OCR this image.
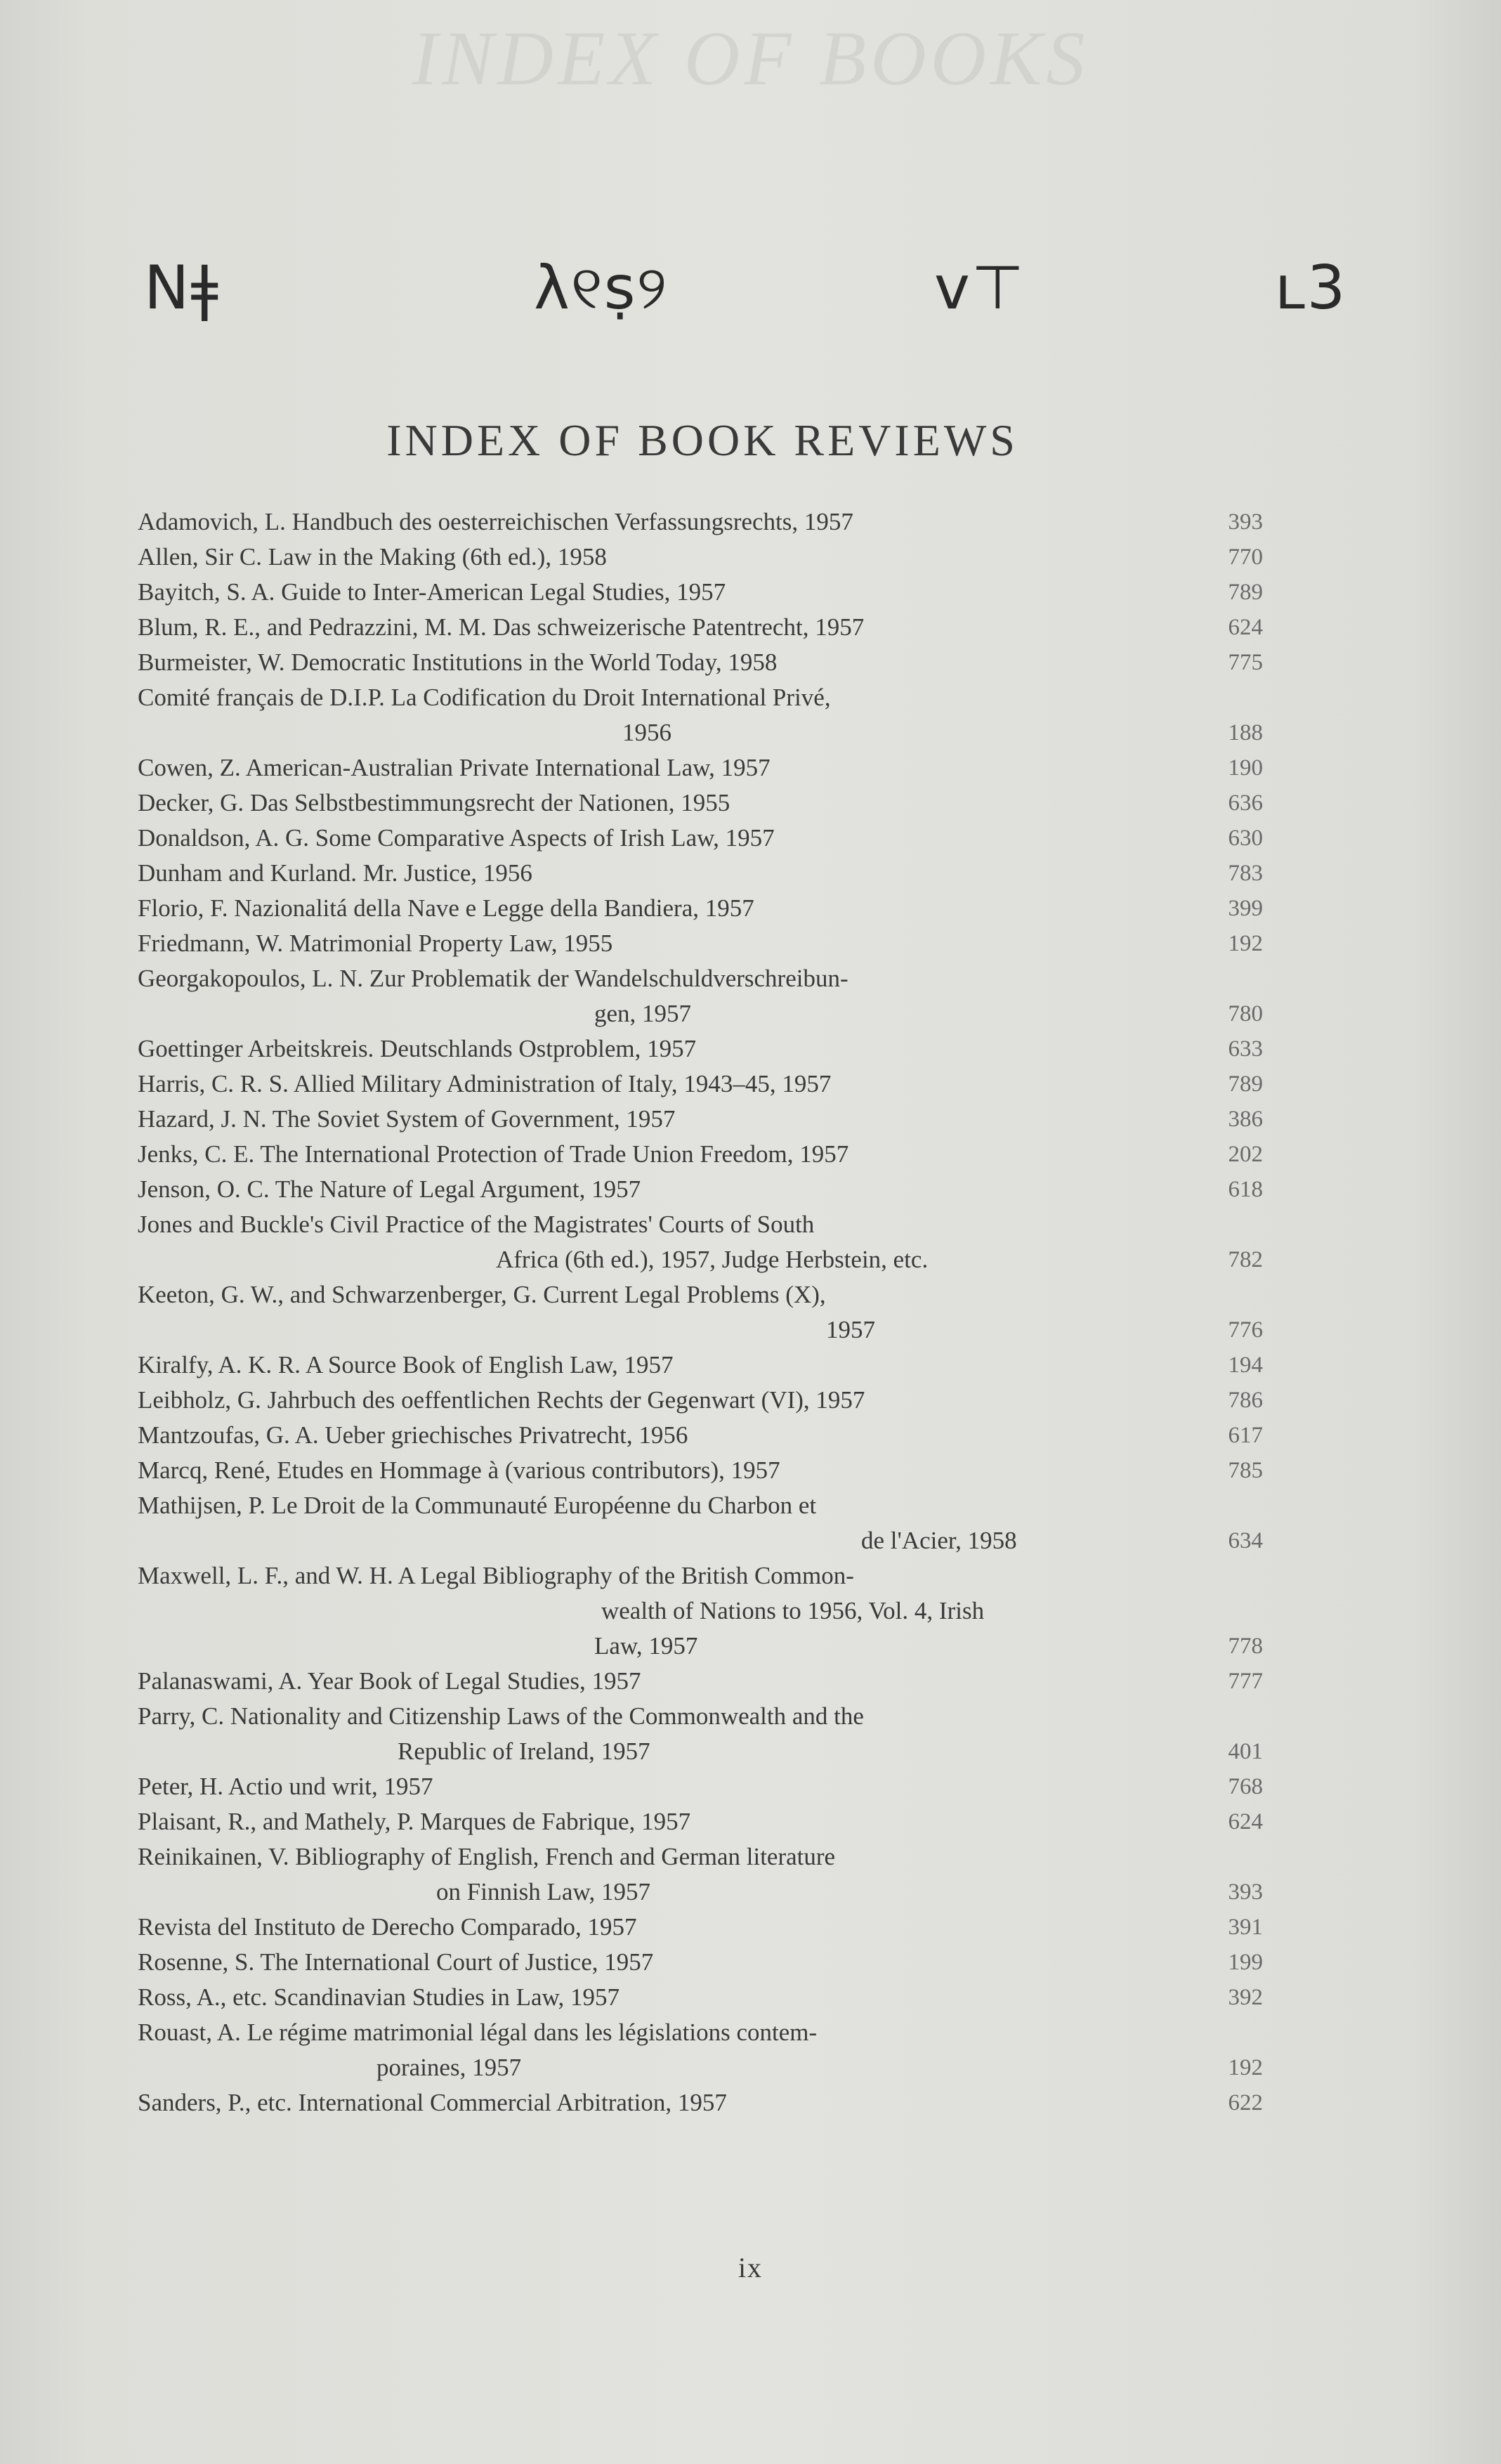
INDEX OF BOOKS
Nǂ	λ୧ṣ୨	ᴠ⊤	ʟ3
INDEX OF BOOK REVIEWS
Adamovich, L. Handbuch des oesterreichischen Verfassungsrechts, 1957	393
Allen, Sir C. Law in the Making (6th ed.), 1958	770
Bayitch, S. A. Guide to Inter-American Legal Studies, 1957	789
Blum, R. E., and Pedrazzini, M. M. Das schweizerische Patentrecht, 1957	624
Burmeister, W. Democratic Institutions in the World Today, 1958	775
Comité français de D.I.P. La Codification du Droit International Privé,
1956	188
Cowen, Z. American-Australian Private International Law, 1957	190
Decker, G. Das Selbstbestimmungsrecht der Nationen, 1955	636
Donaldson, A. G. Some Comparative Aspects of Irish Law, 1957	630
Dunham and Kurland. Mr. Justice, 1956	783
Florio, F. Nazionalitá della Nave e Legge della Bandiera, 1957	399
Friedmann, W. Matrimonial Property Law, 1955	192
Georgakopoulos, L. N. Zur Problematik der Wandelschuldverschreibun-
gen, 1957	780
Goettinger Arbeitskreis. Deutschlands Ostproblem, 1957	633
Harris, C. R. S. Allied Military Administration of Italy, 1943–45, 1957	789
Hazard, J. N. The Soviet System of Government, 1957	386
Jenks, C. E. The International Protection of Trade Union Freedom, 1957	202
Jenson, O. C. The Nature of Legal Argument, 1957	618
Jones and Buckle's Civil Practice of the Magistrates' Courts of South
Africa (6th ed.), 1957, Judge Herbstein, etc.	782
Keeton, G. W., and Schwarzenberger, G. Current Legal Problems (X),
1957	776
Kiralfy, A. K. R. A Source Book of English Law, 1957	194
Leibholz, G. Jahrbuch des oeffentlichen Rechts der Gegenwart (VI), 1957	786
Mantzoufas, G. A. Ueber griechisches Privatrecht, 1956	617
Marcq, René, Etudes en Hommage à (various contributors), 1957	785
Mathijsen, P. Le Droit de la Communauté Européenne du Charbon et
de l'Acier, 1958	634
Maxwell, L. F., and W. H. A Legal Bibliography of the British Common-
wealth of Nations to 1956, Vol. 4, Irish
Law, 1957	778
Palanaswami, A. Year Book of Legal Studies, 1957	777
Parry, C. Nationality and Citizenship Laws of the Commonwealth and the
Republic of Ireland, 1957	401
Peter, H. Actio und writ, 1957	768
Plaisant, R., and Mathely, P. Marques de Fabrique, 1957	624
Reinikainen, V. Bibliography of English, French and German literature
on Finnish Law, 1957	393
Revista del Instituto de Derecho Comparado, 1957	391
Rosenne, S. The International Court of Justice, 1957	199
Ross, A., etc. Scandinavian Studies in Law, 1957	392
Rouast, A. Le régime matrimonial légal dans les législations contem-
poraines, 1957	192
Sanders, P., etc. International Commercial Arbitration, 1957	622
ix
